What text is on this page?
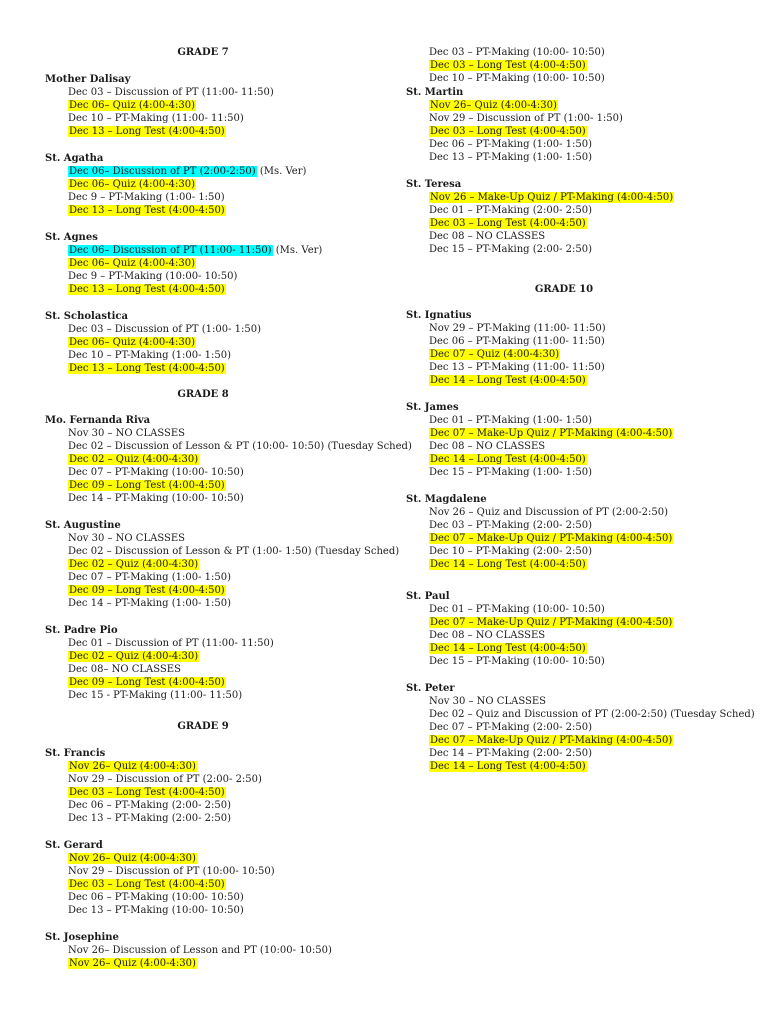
GRADE 7
Mother Dalisay
Dec 03 – Discussion of PT (11:00- 11:50)
Dec 06– Quiz (4:00-4:30)
Dec 10 – PT-Making (11:00- 11:50)
Dec 13 – Long Test (4:00-4:50)
St. Agatha
Dec 06– Discussion of PT (2:00-2:50) (Ms. Ver)
Dec 06– Quiz (4:00-4:30)
Dec 9 – PT-Making (1:00- 1:50)
Dec 13 – Long Test (4:00-4:50)
St. Agnes
Dec 06– Discussion of PT (11:00- 11:50) (Ms. Ver)
Dec 06– Quiz (4:00-4:30)
Dec 9 – PT-Making (10:00- 10:50)
Dec 13 – Long Test (4:00-4:50)
St. Scholastica
Dec 03 – Discussion of PT (1:00- 1:50)
Dec 06– Quiz (4:00-4:30)
Dec 10 – PT-Making (1:00- 1:50)
Dec 13 – Long Test (4:00-4:50)
GRADE 8
Mo. Fernanda Riva
Nov 30 – NO CLASSES
Dec 02 – Discussion of Lesson & PT (10:00- 10:50) (Tuesday Sched)
Dec 02 – Quiz (4:00-4:30)
Dec 07 – PT-Making (10:00- 10:50)
Dec 09 – Long Test (4:00-4:50)
Dec 14 – PT-Making (10:00- 10:50)
St. Augustine
Nov 30 – NO CLASSES
Dec 02 – Discussion of Lesson & PT (1:00- 1:50) (Tuesday Sched)
Dec 02 – Quiz (4:00-4:30)
Dec 07 – PT-Making (1:00- 1:50)
Dec 09 – Long Test (4:00-4:50)
Dec 14 – PT-Making (1:00- 1:50)
St. Padre Pio
Dec 01 – Discussion of PT (11:00- 11:50)
Dec 02 – Quiz (4:00-4:30)
Dec 08– NO CLASSES
Dec 09 – Long Test (4:00-4:50)
Dec 15 - PT-Making (11:00- 11:50)
GRADE 9
St. Francis
Nov 26– Quiz (4:00-4:30)
Nov 29 – Discussion of PT (2:00- 2:50)
Dec 03 – Long Test (4:00-4:50)
Dec 06 – PT-Making (2:00- 2:50)
Dec 13 – PT-Making (2:00- 2:50)
St. Gerard
Nov 26– Quiz (4:00-4:30)
Nov 29 – Discussion of PT (10:00- 10:50)
Dec 03 – Long Test (4:00-4:50)
Dec 06 – PT-Making (10:00- 10:50)
Dec 13 – PT-Making (10:00- 10:50)
St. Josephine
Nov 26– Discussion of Lesson and PT (10:00- 10:50)
Nov 26– Quiz (4:00-4:30)
Dec 03 – PT-Making (10:00- 10:50)
Dec 03 – Long Test (4:00-4:50)
Dec 10 – PT-Making (10:00- 10:50)
St. Martin
Nov 26– Quiz (4:00-4:30)
Nov 29 – Discussion of PT (1:00- 1:50)
Dec 03 – Long Test (4:00-4:50)
Dec 06 – PT-Making (1:00- 1:50)
Dec 13 – PT-Making (1:00- 1:50)
St. Teresa
Nov 26 – Make-Up Quiz / PT-Making (4:00-4:50)
Dec 01 – PT-Making (2:00- 2:50)
Dec 03 – Long Test (4:00-4:50)
Dec 08 – NO CLASSES
Dec 15 – PT-Making (2:00- 2:50)
GRADE 10
St. Ignatius
Nov 29 – PT-Making (11:00- 11:50)
Dec 06 – PT-Making (11:00- 11:50)
Dec 07 – Quiz (4:00-4:30)
Dec 13 – PT-Making (11:00- 11:50)
Dec 14 – Long Test (4:00-4:50)
St. James
Dec 01 – PT-Making (1:00- 1:50)
Dec 07 – Make-Up Quiz / PT-Making (4:00-4:50)
Dec 08 – NO CLASSES
Dec 14 – Long Test (4:00-4:50)
Dec 15 – PT-Making (1:00- 1:50)
St. Magdalene
Nov 26 – Quiz and Discussion of PT (2:00-2:50)
Dec 03 – PT-Making (2:00- 2:50)
Dec 07 – Make-Up Quiz / PT-Making (4:00-4:50)
Dec 10 – PT-Making (2:00- 2:50)
Dec 14 – Long Test (4:00-4:50)
St. Paul
Dec 01 – PT-Making (10:00- 10:50)
Dec 07 – Make-Up Quiz / PT-Making (4:00-4:50)
Dec 08 – NO CLASSES
Dec 14 – Long Test (4:00-4:50)
Dec 15 – PT-Making (10:00- 10:50)
St. Peter
Nov 30 – NO CLASSES
Dec 02 – Quiz and Discussion of PT (2:00-2:50) (Tuesday Sched)
Dec 07 – PT-Making (2:00- 2:50)
Dec 07 – Make-Up Quiz / PT-Making (4:00-4:50)
Dec 14 – PT-Making (2:00- 2:50)
Dec 14 – Long Test (4:00-4:50)
